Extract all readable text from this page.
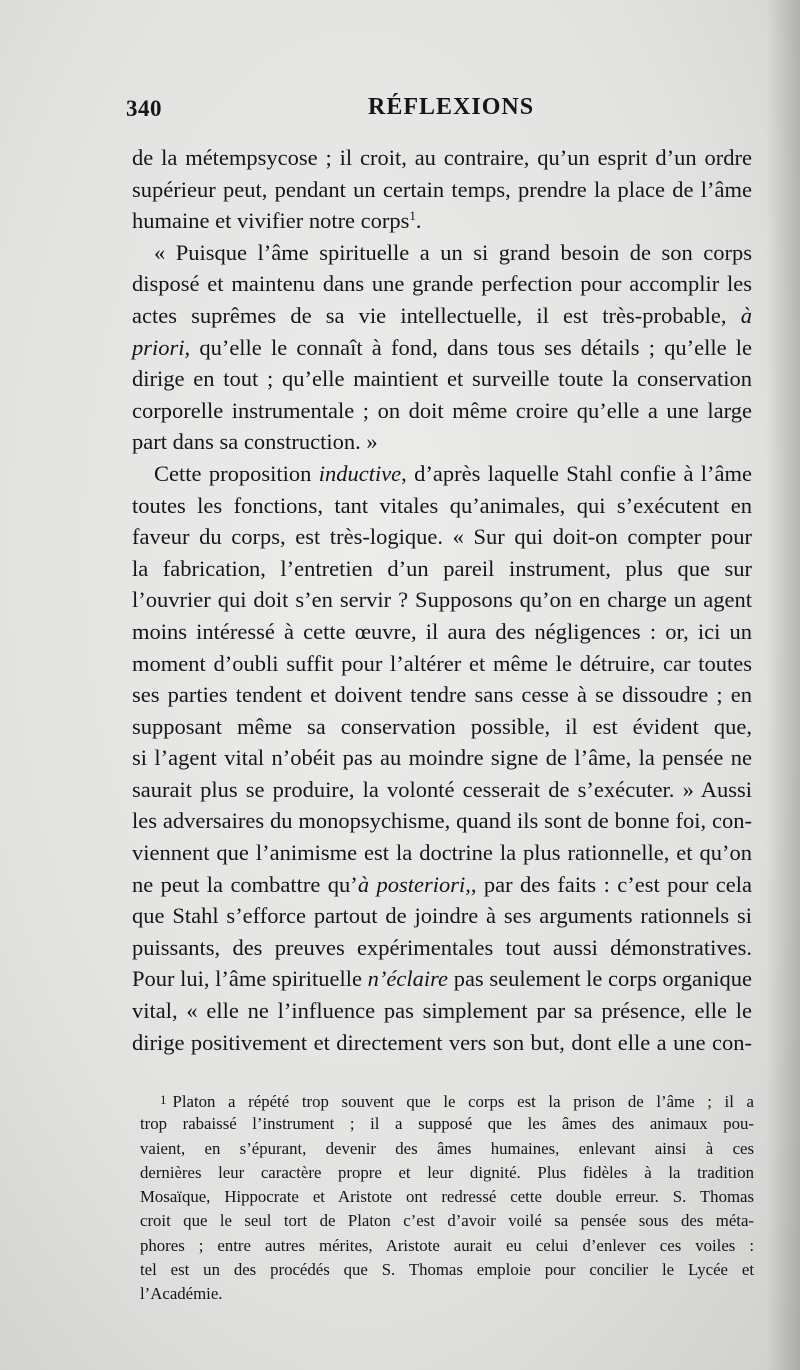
340	RÉFLEXIONS
de la métempsycose ; il croit, au contraire, qu’un esprit d’un ordre
supérieur peut, pendant un certain temps, prendre la place de l’âme
humaine et vivifier notre corps$^1$.
« Puisque l’âme spirituelle a un si grand besoin de son corps
disposé et maintenu dans une grande perfection pour accomplir les
actes suprêmes de sa vie intellectuelle, il est très-probable, à
priori, qu’elle le connaît à fond, dans tous ses détails ; qu’elle le
dirige en tout ; qu’elle maintient et surveille toute la conservation
corporelle instrumentale ; on doit même croire qu’elle a une large
part dans sa construction. »
Cette proposition inductive, d’après laquelle Stahl confie à l’âme
toutes les fonctions, tant vitales qu’animales, qui s’exécutent en
faveur du corps, est très-logique. « Sur qui doit-on compter pour
la fabrication, l’entretien d’un pareil instrument, plus que sur
l’ouvrier qui doit s’en servir ? Supposons qu’on en charge un agent
moins intéressé à cette œuvre, il aura des négligences : or, ici un
moment d’oubli suffit pour l’altérer et même le détruire, car toutes
ses parties tendent et doivent tendre sans cesse à se dissoudre ; en
supposant même sa conservation possible, il est évident que,
si l’agent vital n’obéit pas au moindre signe de l’âme, la pensée ne
saurait plus se produire, la volonté cesserait de s’exécuter. » Aussi
les adversaires du monopsychisme, quand ils sont de bonne foi, con-
viennent que l’animisme est la doctrine la plus rationnelle, et qu’on
ne peut la combattre qu’à posteriori,, par des faits : c’est pour cela
que Stahl s’efforce partout de joindre à ses arguments rationnels si
puissants, des preuves expérimentales tout aussi démonstratives.
Pour lui, l’âme spirituelle n’éclaire pas seulement le corps organique
vital, « elle ne l’influence pas simplement par sa présence, elle le
dirige positivement et directement vers son but, dont elle a une con-
1 Platon a répété trop souvent que le corps est la prison de l’âme ; il a
trop rabaissé l’instrument ; il a supposé que les âmes des animaux pou-
vaient, en s’épurant, devenir des âmes humaines, enlevant ainsi à ces
dernières leur caractère propre et leur dignité. Plus fidèles à la tradition
Mosaïque, Hippocrate et Aristote ont redressé cette double erreur. S. Thomas
croit que le seul tort de Platon c’est d’avoir voilé sa pensée sous des méta-
phores ; entre autres mérites, Aristote aurait eu celui d’enlever ces voiles :
tel est un des procédés que S. Thomas emploie pour concilier le Lycée et
l’Académie.
